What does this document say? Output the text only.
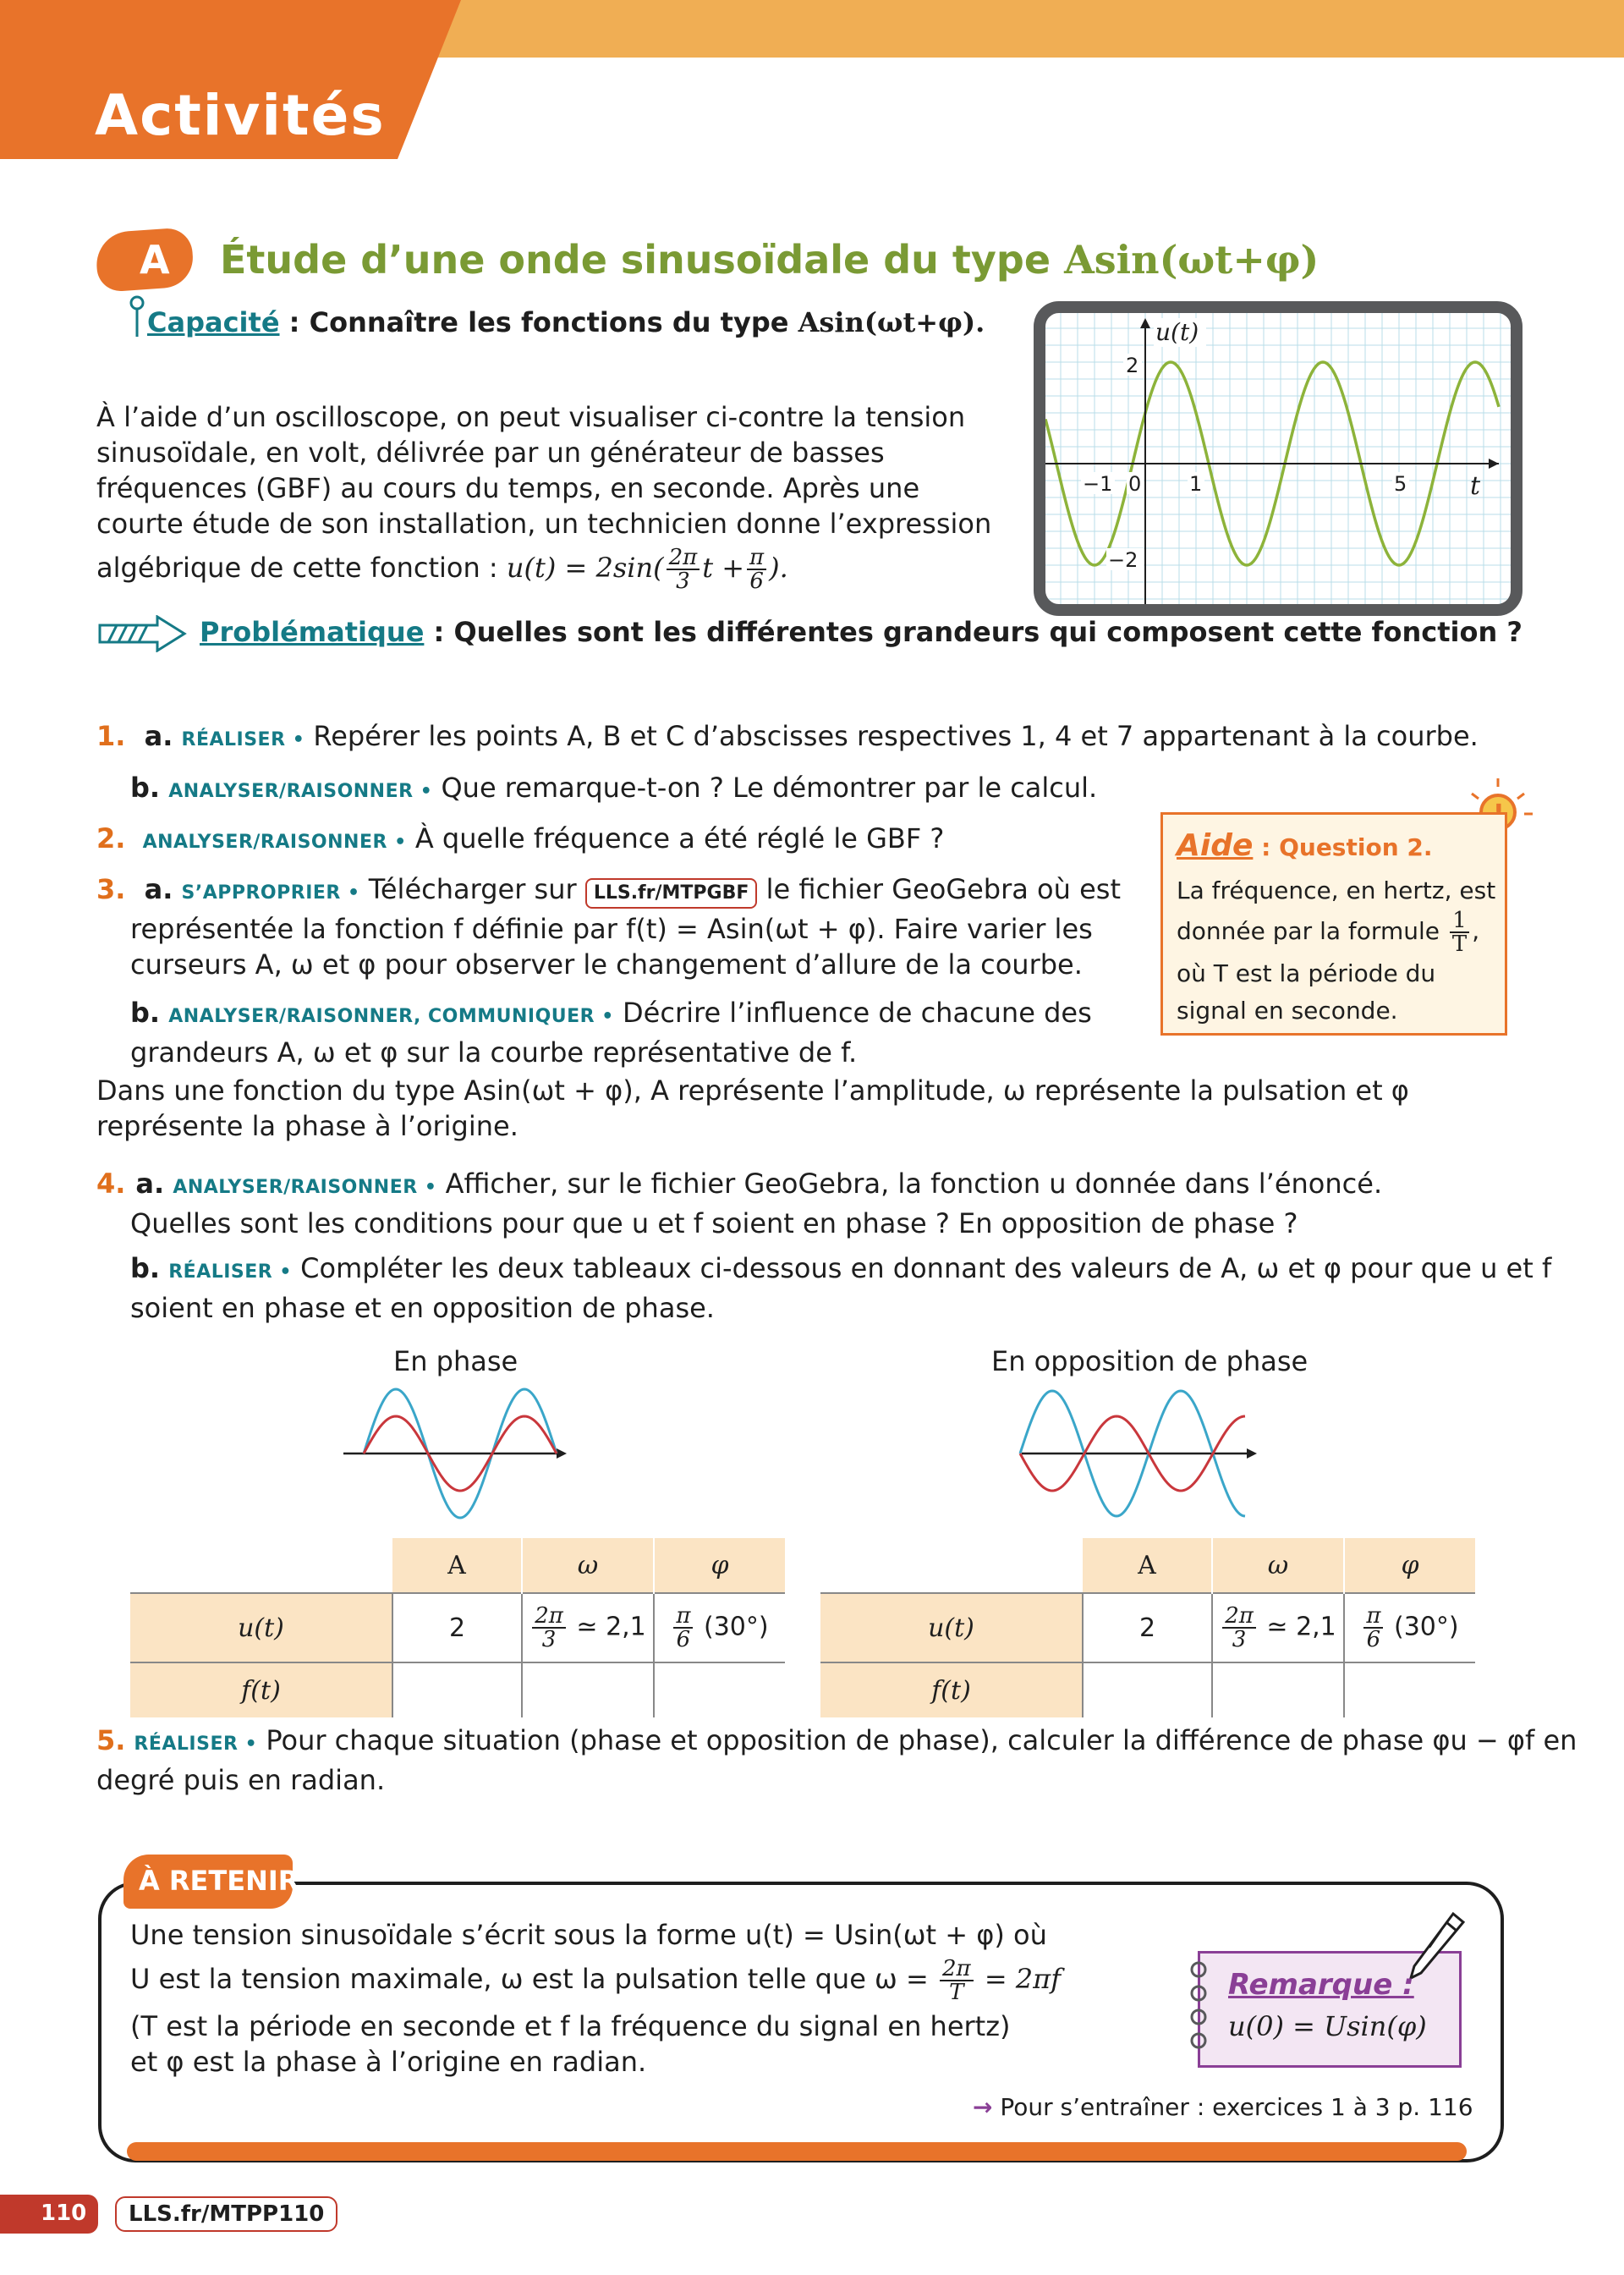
Activités
A Étude d’une onde sinusoïdale du type Asin(ωt+φ)
Capacité : Connaître les fonctions du type Asin(ωt+φ).
À l’aide d’un oscilloscope, on peut visualiser ci-contre la tension
sinusoïdale, en volt, délivrée par un générateur de basses
fréquences (GBF) au cours du temps, en seconde. Après une
courte étude de son installation, un technicien donne l’expression
algébrique de cette fonction : $u(t) = 2\sin( \frac{2\pi}{3}$ $t + \frac{\pi}{6}$ ).
u(t)
t
2
−2
−1 0 1	5
Problématique : Quelles sont les différentes grandeurs qui composent cette fonction ?
1. a. RÉALISER • Repérer les points A, B et C d’abscisses respectives 1, 4 et 7 appartenant à la courbe.
b. ANALYSER/RAISONNER • Que remarque-t-on ? Le démontrer par le calcul.
2. ANALYSER/RAISONNER • À quelle fréquence a été réglé le GBF ?
3. a. S’APPROPRIER • Télécharger sur LLS.fr/MTPGBF le fichier GeoGebra où est
représentée la fonction f définie par f(t) = Asin(ωt + φ). Faire varier les
curseurs A, ω et φ pour observer le changement d’allure de la courbe.
b. ANALYSER/RAISONNER, COMMUNIQUER • Décrire l’influence de chacune des
grandeurs A, ω et φ sur la courbe représentative de f.
Dans une fonction du type Asin(ωt + φ), A représente l’amplitude, ω représente la pulsation et φ
représente la phase à l’origine.
4. a. ANALYSER/RAISONNER • Afficher, sur le fichier GeoGebra, la fonction u donnée dans l’énoncé.
Quelles sont les conditions pour que u et f soient en phase ? En opposition de phase ?
b. RÉALISER • Compléter les deux tableaux ci-dessous en donnant des valeurs de A, ω et φ pour que u et f
soient en phase et en opposition de phase.
Aide : Question 2.
La fréquence, en hertz, est
donnée par la formule $\frac{1}{T}$ ,
où T est la période du
signal en seconde.
En phase	En opposition de phase
	A	ω	φ
u(t)	2	$\frac{2\pi}{3}$ ≃ 2,1	$\frac{\pi}{6} (30^\circ)$
f(t)			
	A	ω	φ
u(t)	2	$\frac{2\pi}{3}$ ≃ 2,1	$\frac{\pi}{6} (30^\circ)$
f(t)			
5. RÉALISER • Pour chaque situation (phase et opposition de phase), calculer la différence de phase φu − φf en
degré puis en radian.
À RETENIR
Une tension sinusoïdale s’écrit sous la forme u(t) = Usin(ωt + φ) où
U est la tension maximale, ω est la pulsation telle que $\omega = \frac{2\pi}{T} = 2\pi f$
(T est la période en seconde et f la fréquence du signal en hertz)
et φ est la phase à l’origine en radian.
Remarque :
u(0) = Usin(φ)
→ Pour s’entraîner : exercices 1 à 3 p. 116
110	LLS.fr/MTPP110
